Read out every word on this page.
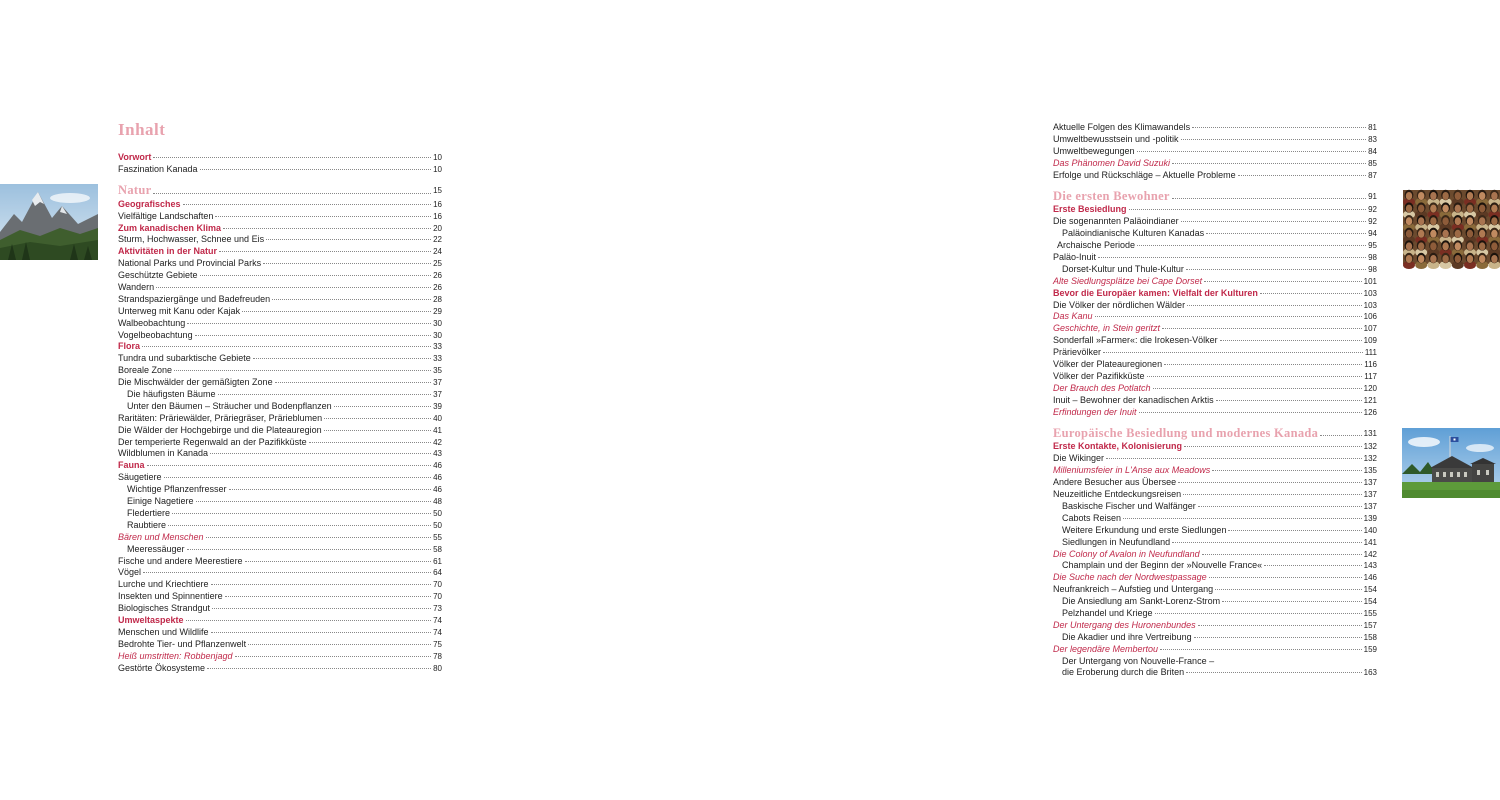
Inhalt
Vorwort	10
Faszination Kanada	10
Natur	15
Geografisches	16
Vielfältige Landschaften	16
Zum kanadischen Klima	20
Sturm, Hochwasser, Schnee und Eis	22
Aktivitäten in der Natur	24
National Parks und Provincial Parks	25
Geschützte Gebiete	26
Wandern	26
Strandspaziergänge und Badefreuden	28
Unterweg mit Kanu oder Kajak	29
Walbeobachtung	30
Vogelbeobachtung	30
Flora	33
Tundra und subarktische Gebiete	33
Boreale Zone	35
Die Mischwälder der gemäßigten Zone	37
Die häufigsten Bäume	37
Unter den Bäumen – Sträucher und Bodenpflanzen	39
Raritäten: Präriewälder, Präriegräser, Prärieblumen	40
Die Wälder der Hochgebirge und die Plateauregion	41
Der temperierte Regenwald an der Pazifikküste	42
Wildblumen in Kanada	43
Fauna	46
Säugetiere	46
Wichtige Pflanzenfresser	46
Einige Nagetiere	48
Fledertiere	50
Raubtiere	50
Bären und Menschen	55
Meeressäuger	58
Fische und andere Meerestiere	61
Vögel	64
Lurche und Kriechtiere	70
Insekten und Spinnentiere	70
Biologisches Strandgut	73
Umweltaspekte	74
Menschen und Wildlife	74
Bedrohte Tier- und Pflanzenwelt	75
Heiß umstritten: Robbenjagd	78
Gestörte Ökosysteme	80
Aktuelle Folgen des Klimawandels	81
Umweltbewusstsein und -politik	83
Umweltbewegungen	84
Das Phänomen David Suzuki	85
Erfolge und Rückschläge – Aktuelle Probleme	87
Die ersten Bewohner	91
Erste Besiedlung	92
Die sogenannten Paläoindianer	92
Paläoindianische Kulturen Kanadas	94
Archaische Periode	95
Paläo-Inuit	98
Dorset-Kultur und Thule-Kultur	98
Alte Siedlungsplätze bei Cape Dorset	101
Bevor die Europäer kamen: Vielfalt der Kulturen	103
Die Völker der nördlichen Wälder	103
Das Kanu	106
Geschichte, in Stein geritzt	107
Sonderfall »Farmer«: die Irokesen-Völker	109
Prärievölker	111
Völker der Plateauregionen	116
Völker der Pazifikküste	117
Der Brauch des Potlatch	120
Inuit – Bewohner der kanadischen Arktis	121
Erfindungen der Inuit	126
Europäische Besiedlung und modernes Kanada	131
Erste Kontakte, Kolonisierung	132
Die Wikinger	132
Milleniumsfeier in L'Anse aux Meadows	135
Andere Besucher aus Übersee	137
Neuzeitliche Entdeckungsreisen	137
Baskische Fischer und Walfänger	137
Cabots Reisen	139
Weitere Erkundung und erste Siedlungen	140
Siedlungen in Neufundland	141
Die Colony of Avalon in Neufundland	142
Champlain und der Beginn der »Nouvelle France«	143
Die Suche nach der Nordwestpassage	146
Neufrankreich – Aufstieg und Untergang	154
Die Ansiedlung am Sankt-Lorenz-Strom	154
Pelzhandel und Kriege	155
Der Untergang des Huronenbundes	157
Die Akadier und ihre Vertreibung	158
Der legendäre Membertou	159
Der Untergang von Nouvelle-France –
die Eroberung durch die Briten	163
